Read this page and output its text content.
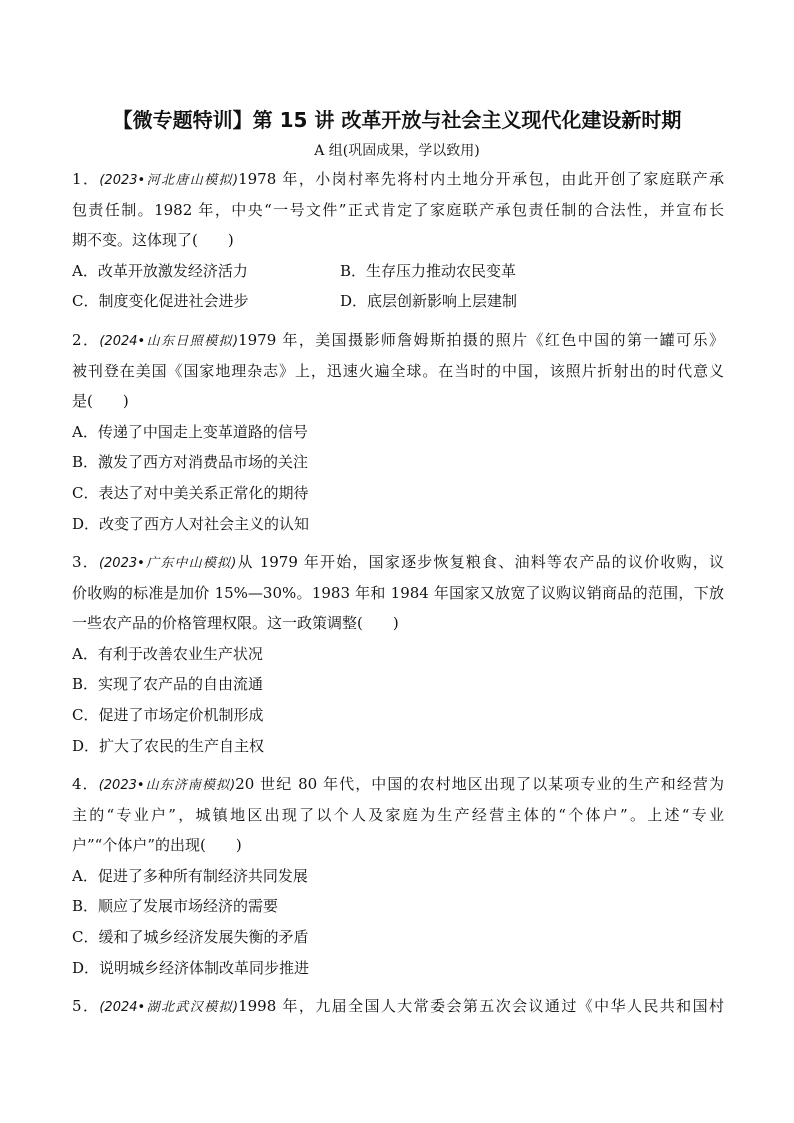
【微专题特训】第 15 讲 改革开放与社会主义现代化建设新时期
A 组(巩固成果，学以致用)
1．(2023•河北唐山模拟)1978 年，小岗村率先将村内土地分开承包，由此开创了家庭联产承
包责任制。1982 年，中央“一号文件”正式肯定了家庭联产承包责任制的合法性，并宣布长
期不变。这体现了(　　)
A．改革开放激发经济活力	B．生存压力推动农民变革
C．制度变化促进社会进步	D．底层创新影响上层建制
2．(2024•山东日照模拟)1979 年，美国摄影师詹姆斯拍摄的照片《红色中国的第一罐可乐》
被刊登在美国《国家地理杂志》上，迅速火遍全球。在当时的中国，该照片折射出的时代意义
是(　　)
A．传递了中国走上变革道路的信号
B．激发了西方对消费品市场的关注
C．表达了对中美关系正常化的期待
D．改变了西方人对社会主义的认知
3．(2023•广东中山模拟)从 1979 年开始，国家逐步恢复粮食、油料等农产品的议价收购，议
价收购的标准是加价 15%—30%。1983 年和 1984 年国家又放宽了议购议销商品的范围，下放
一些农产品的价格管理权限。这一政策调整(　　)
A．有利于改善农业生产状况
B．实现了农产品的自由流通
C．促进了市场定价机制形成
D．扩大了农民的生产自主权
4．(2023•山东济南模拟)20 世纪 80 年代，中国的农村地区出现了以某项专业的生产和经营为
主的“专业户”，城镇地区出现了以个人及家庭为生产经营主体的“个体户”。上述“专业
户”“个体户”的出现(　　)
A．促进了多种所有制经济共同发展
B．顺应了发展市场经济的需要
C．缓和了城乡经济发展失衡的矛盾
D．说明城乡经济体制改革同步推进
5．(2024•湖北武汉模拟)1998 年，九届全国人大常委会第五次会议通过《中华人民共和国村
